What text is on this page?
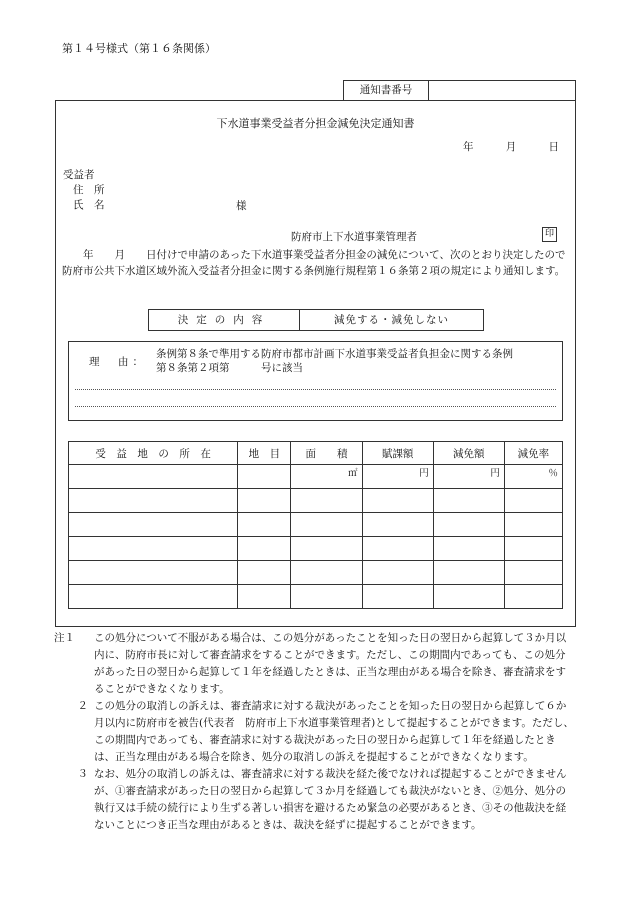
第１４号様式（第１６条関係）
通知書番号
下水道事業受益者分担金減免決定通知書
年	月	日
受益者
住　所
氏　名	様
防府市上下水道事業管理者	印
　年　　月　　日付けで申請のあった下水道事業受益者分担金の減免について、次のとおり決定したので防府市公共下水道区域外流入受益者分担金に関する条例施行規程第１６条第２項の規定により通知します。
決定の内容	減免する・減免しない
理　由：
条例第８条で準用する防府市都市計画下水道事業受益者負担金に関する条例
第８条第２項第　　　号に該当
受　益　地　の　所　在	地　目	面　　積	賦課額	減免額	減免率
		㎡	円	円	％

注１	この処分について不服がある場合は、この処分があったことを知った日の翌日から起算して３か月以内に、防府市長に対して審査請求をすることができます。ただし、この期間内であっても、この処分があった日の翌日から起算して１年を経過したときは、正当な理由がある場合を除き、審査請求をすることができなくなります。
２ この処分の取消しの訴えは、審査請求に対する裁決があったことを知った日の翌日から起算して６か月以内に防府市を被告(代表者　防府市上下水道事業管理者)として提起することができます。ただし、この期間内であっても、審査請求に対する裁決があった日の翌日から起算して１年を経過したときは、正当な理由がある場合を除き、処分の取消しの訴えを提起することができなくなります。
３ なお、処分の取消しの訴えは、審査請求に対する裁決を経た後でなければ提起することができませんが、①審査請求があった日の翌日から起算して３か月を経過しても裁決がないとき、②処分、処分の執行又は手続の続行により生ずる著しい損害を避けるため緊急の必要があるとき、③その他裁決を経ないことにつき正当な理由があるときは、裁決を経ずに提起することができます。
